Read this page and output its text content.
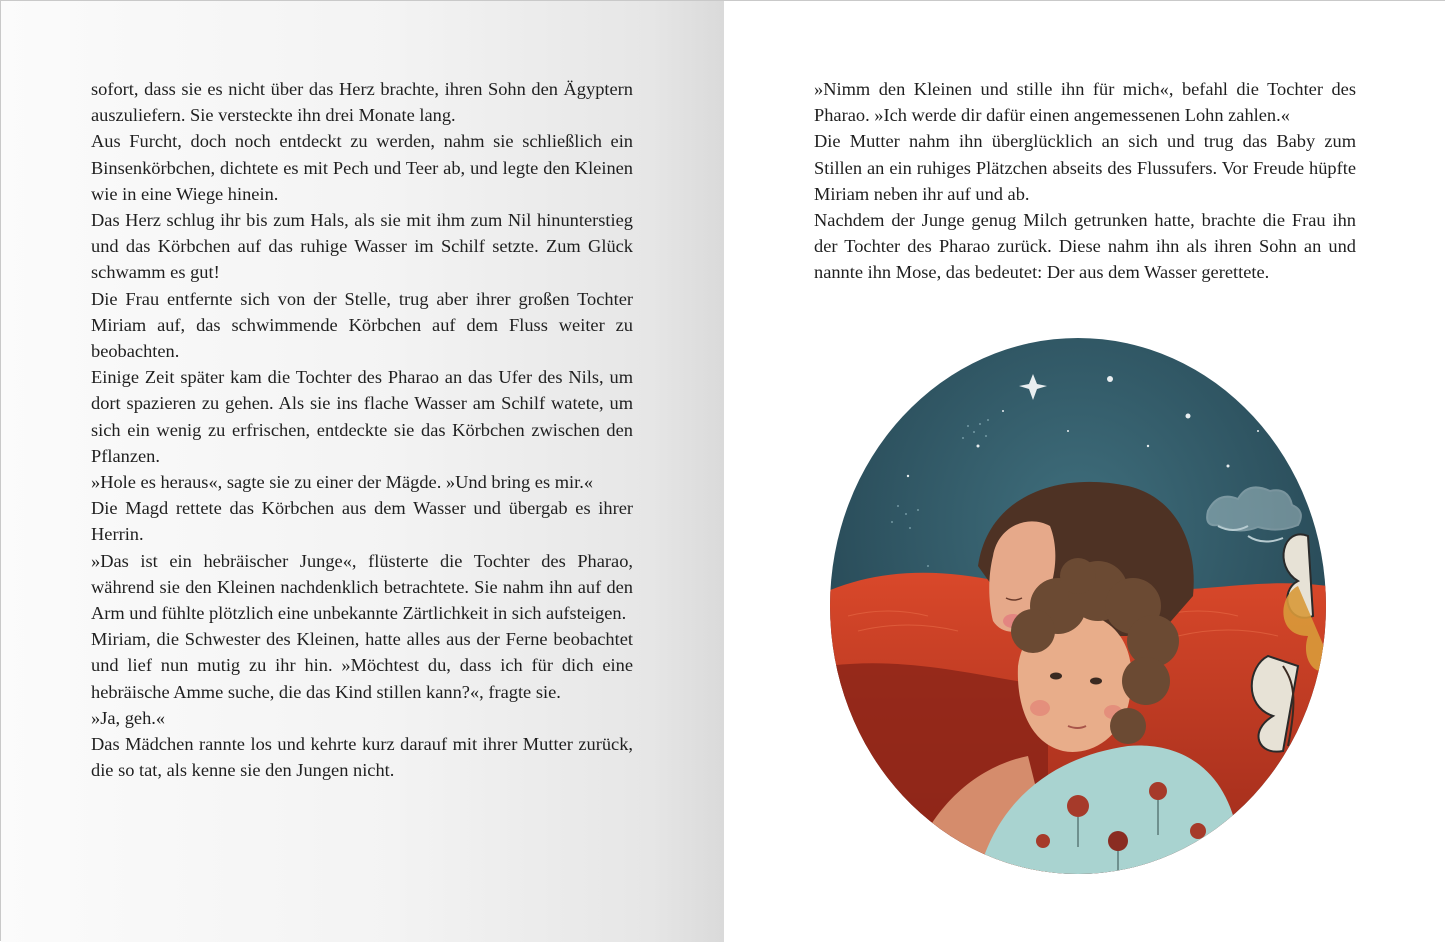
sofort, dass sie es nicht über das Herz brachte, ihren Sohn den Ägyptern auszuliefern. Sie versteckte ihn drei Monate lang.

Aus Furcht, doch noch entdeckt zu werden, nahm sie schließlich ein Binsenkörbchen, dichtete es mit Pech und Teer ab, und legte den Kleinen wie in eine Wiege hinein.

Das Herz schlug ihr bis zum Hals, als sie mit ihm zum Nil hinunterstieg und das Körbchen auf das ruhige Wasser im Schilf setzte. Zum Glück schwamm es gut!

Die Frau entfernte sich von der Stelle, trug aber ihrer großen Tochter Miriam auf, das schwimmende Körbchen auf dem Fluss weiter zu beobachten.

Einige Zeit später kam die Tochter des Pharao an das Ufer des Nils, um dort spazieren zu gehen. Als sie ins flache Wasser am Schilf watete, um sich ein wenig zu erfrischen, entdeckte sie das Körbchen zwischen den Pflanzen.

»Hole es heraus«, sagte sie zu einer der Mägde. »Und bring es mir.«

Die Magd rettete das Körbchen aus dem Wasser und übergab es ihrer Herrin.

»Das ist ein hebräischer Junge«, flüsterte die Tochter des Pharao, während sie den Kleinen nachdenklich betrachtete. Sie nahm ihn auf den Arm und fühlte plötzlich eine unbekannte Zärtlichkeit in sich aufsteigen.

Miriam, die Schwester des Kleinen, hatte alles aus der Ferne beobachtet und lief nun mutig zu ihr hin. »Möchtest du, dass ich für dich eine hebräische Amme suche, die das Kind stillen kann?«, fragte sie.

»Ja, geh.«

Das Mädchen rannte los und kehrte kurz darauf mit ihrer Mutter zurück, die so tat, als kenne sie den Jungen nicht.

»Nimm den Kleinen und stille ihn für mich«, befahl die Tochter des Pharao. »Ich werde dir dafür einen angemessenen Lohn zahlen.«

Die Mutter nahm ihn überglücklich an sich und trug das Baby zum Stillen an ein ruhiges Plätzchen abseits des Flussufers. Vor Freude hüpfte Miriam neben ihr auf und ab.

Nachdem der Junge genug Milch getrunken hatte, brachte die Frau ihn der Tochter des Pharao zurück. Diese nahm ihn als ihren Sohn an und nannte ihn Mose, das bedeutet: Der aus dem Wasser gerettete.
